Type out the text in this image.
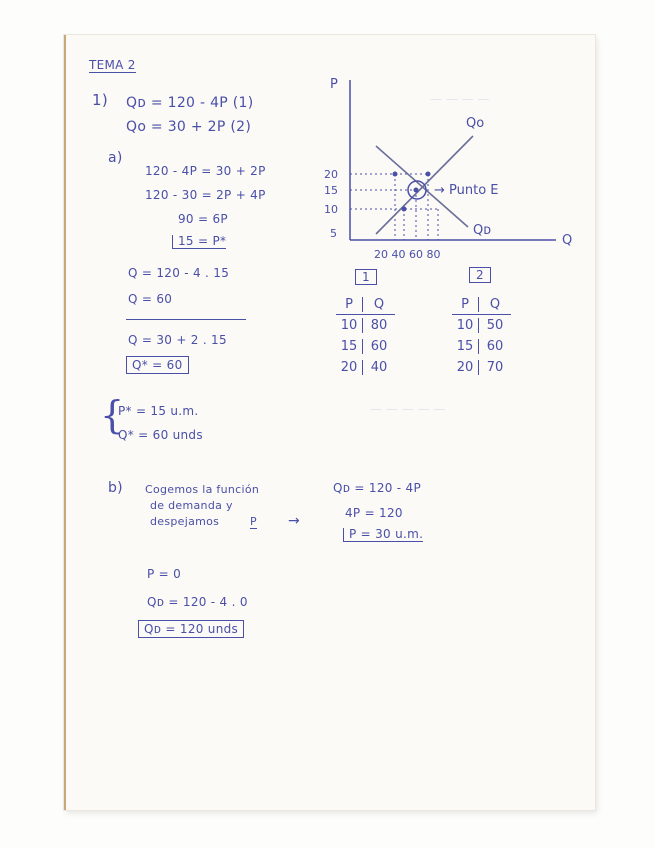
— — — —
— — — — —
TEMA 2
1) Qᴅ = 120 - 4P (1)
Qo = 30 + 2P (2)
a)
120 - 4P = 30 + 2P
120 - 30 = 2P + 4P
90 = 6P
15 = P*
Q = 120 - 4 . 15
Q = 60
Q = 30 + 2 . 15
Q* = 60
{
P* = 15 u.m.
Q* = 60 unds
P
Q
Qo
Qᴅ
→ Punto E
20
15
10
5
20 40 60 80
1	2
P	Q
10	80
15	60
20	40
P	Q
10	50
15	60
20	70
b) Cogemos la función
de demanda y
despejamos	P →
Qᴅ = 120 - 4P
4P = 120
P = 30 u.m.
P = 0
Qᴅ = 120 - 4 . 0
Qᴅ = 120 unds
